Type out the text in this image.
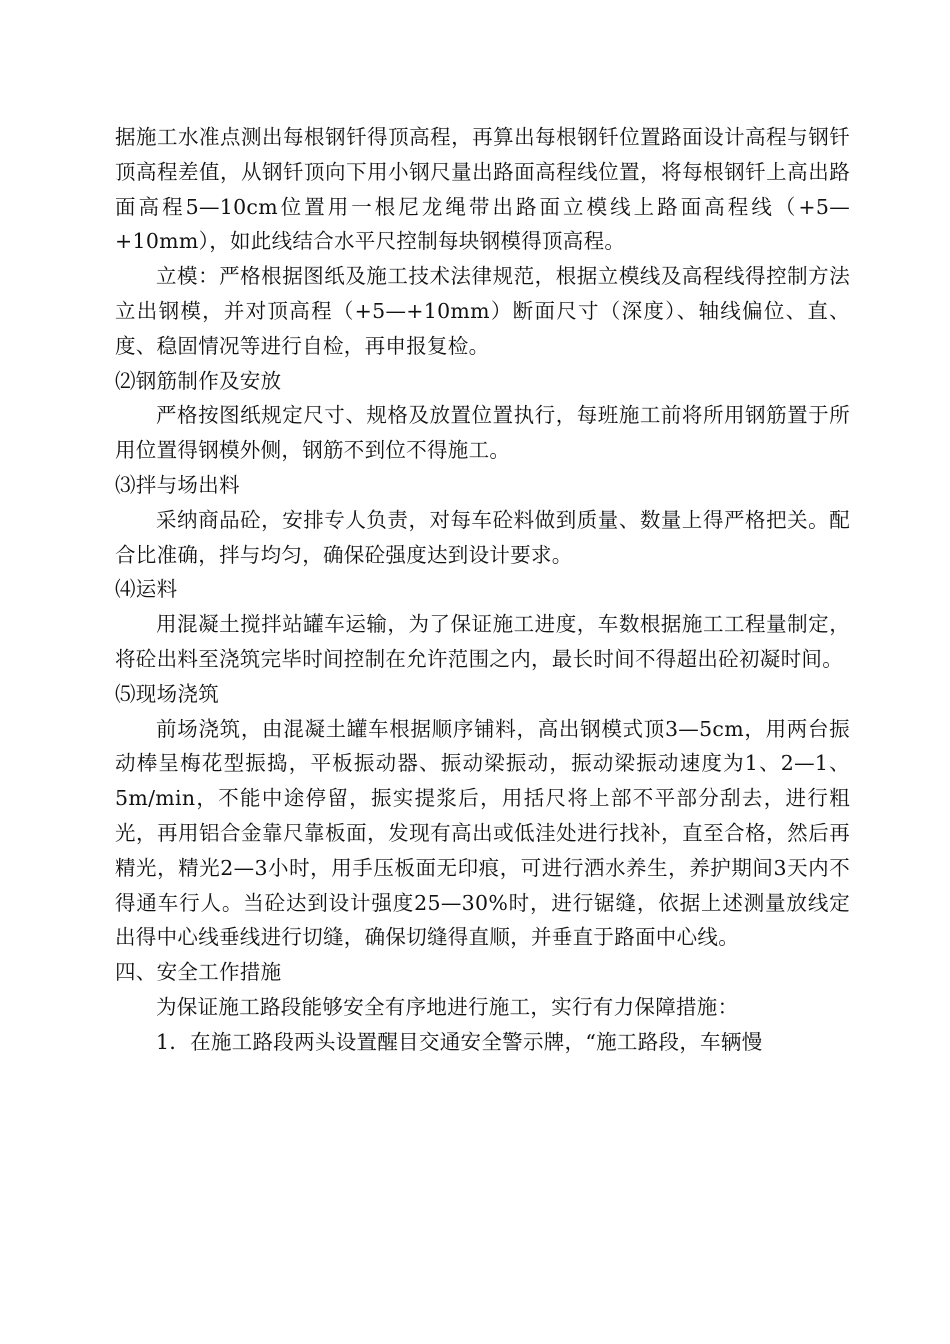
据施工水准点测出每根钢钎得顶高程，再算出每根钢钎位置路面设计高程与钢钎顶高程差值，从钢钎顶向下用小钢尺量出路面高程线位置，将每根钢钎上高出路面高程5—10cm位置用一根尼龙绳带出路面立模线上路面高程线（+5—+10mm），如此线结合水平尺控制每块钢模得顶高程。

立模：严格根据图纸及施工技术法律规范，根据立模线及高程线得控制方法立出钢模，并对顶高程（+5—+10mm）断面尺寸（深度）、轴线偏位、直、度、稳固情况等进行自检，再申报复检。

⑵钢筋制作及安放

严格按图纸规定尺寸、规格及放置位置执行，每班施工前将所用钢筋置于所用位置得钢模外侧，钢筋不到位不得施工。

⑶拌与场出料

采纳商品砼，安排专人负责，对每车砼料做到质量、数量上得严格把关。配合比准确，拌与均匀，确保砼强度达到设计要求。

⑷运料

用混凝土搅拌站罐车运输，为了保证施工进度，车数根据施工工程量制定，将砼出料至浇筑完毕时间控制在允许范围之内，最长时间不得超出砼初凝时间。

⑸现场浇筑

前场浇筑，由混凝土罐车根据顺序铺料，高出钢模式顶3—5cm，用两台振动棒呈梅花型振捣，平板振动器、振动梁振动，振动梁振动速度为1、2—1、5m/min，不能中途停留，振实提浆后，用括尺将上部不平部分刮去，进行粗光，再用铝合金靠尺靠板面，发现有高出或低洼处进行找补，直至合格，然后再精光，精光2—3小时，用手压板面无印痕，可进行洒水养生，养护期间3天内不得通车行人。当砼达到设计强度25—30%时，进行锯缝，依据上述测量放线定出得中心线垂线进行切缝，确保切缝得直顺，并垂直于路面中心线。

四、安全工作措施

为保证施工路段能够安全有序地进行施工，实行有力保障措施：

1．在施工路段两头设置醒目交通安全警示牌，“施工路段，车辆慢
